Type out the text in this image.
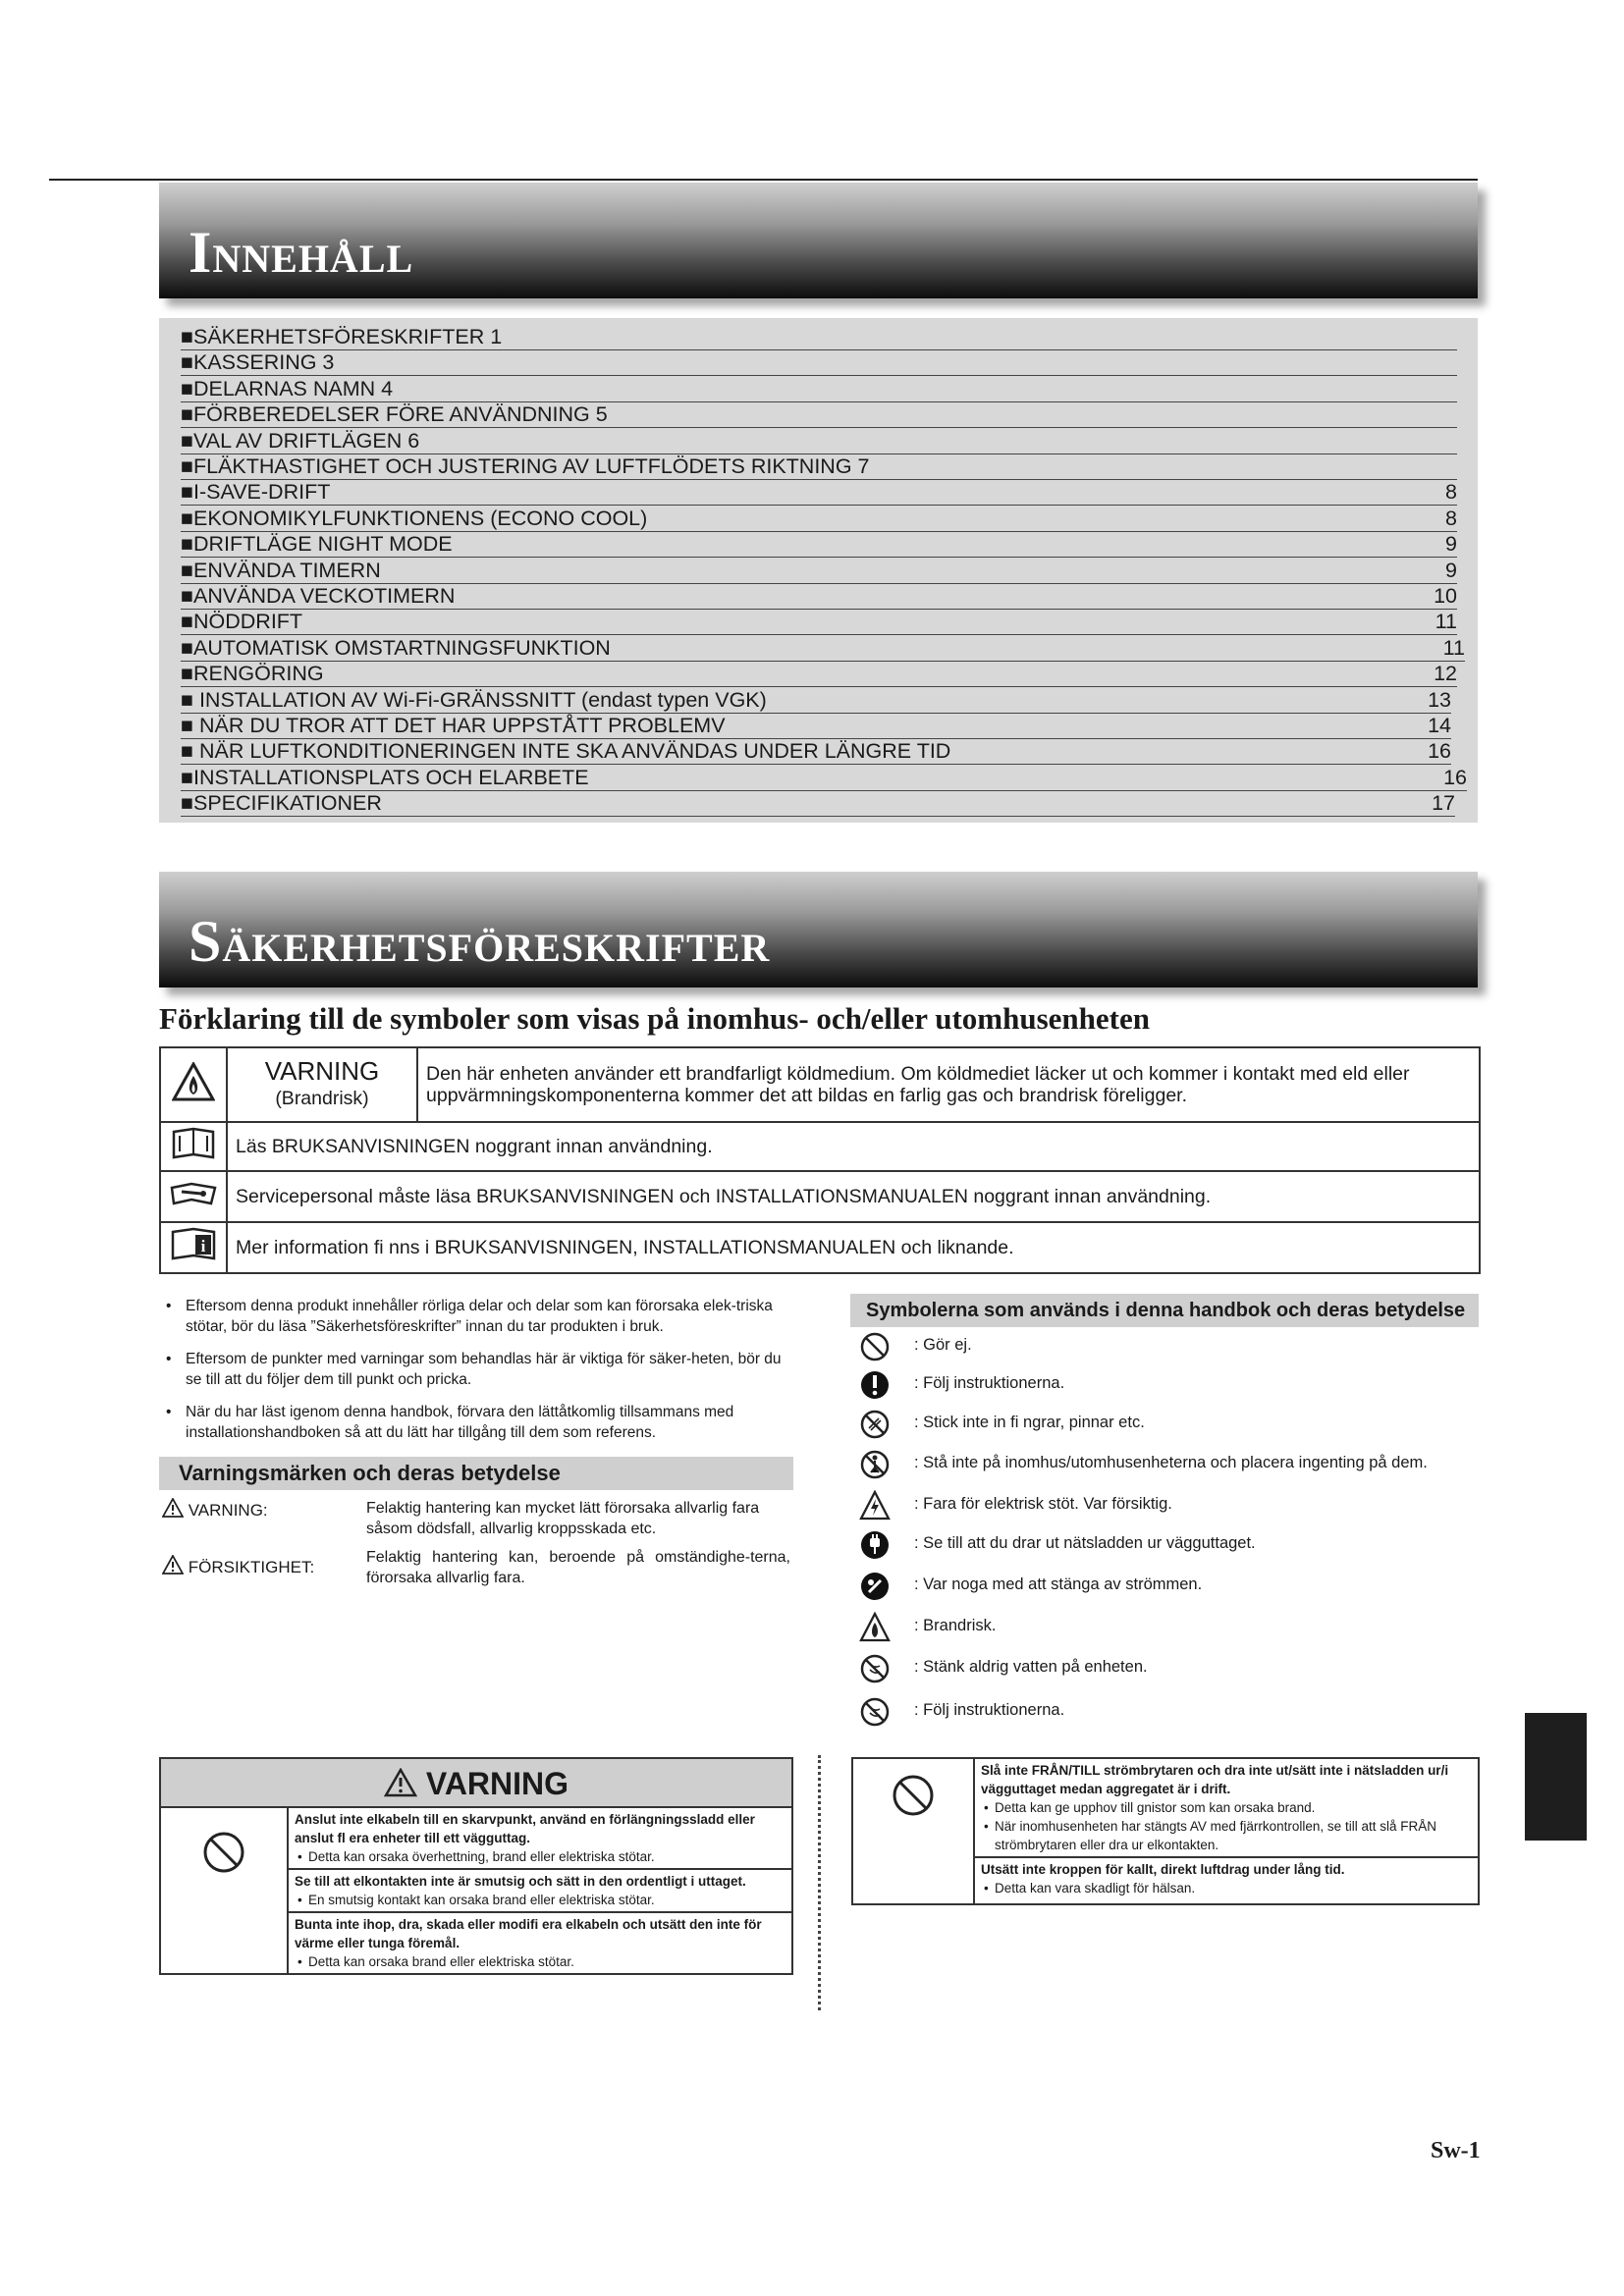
INNEHÅLL
■SÄKERHETSFÖRESKRIFTER 1
■KASSERING 3
■DELARNAS NAMN 4
■FÖRBEREDELSER FÖRE ANVÄNDNING 5
■VAL AV DRIFTLÄGEN 6
■FLÄKTHASTIGHET OCH JUSTERING AV LUFTFLÖDETS RIKTNING 7
■I-SAVE-DRIFT	8
■EKONOMIKYLFUNKTIONENS (ECONO COOL)	8
■DRIFTLÄGE NIGHT MODE	9
■ENVÄNDA TIMERN	9
■ANVÄNDA VECKOTIMERN	10
■NÖDDRIFT	11
■AUTOMATISK OMSTARTNINGSFUNKTION	11
■RENGÖRING	12
■ INSTALLATION AV Wi-Fi-GRÄNSSNITT (endast typen VGK)	13
■ NÄR DU TROR ATT DET HAR UPPSTÅTT PROBLEMV	14
■ NÄR LUFTKONDITIONERINGEN INTE SKA ANVÄNDAS UNDER LÄNGRE TID	16
■INSTALLATIONSPLATS OCH ELARBETE	16
■SPECIFIKATIONER	17
SÄKERHETSFÖRESKRIFTER
Förklaring till de symboler som visas på inomhus- och/eller utomhusenheten

VARNING
(Brandrisk)	Den här enheten använder ett brandfarligt köldmedium. Om köldmediet läcker ut och kommer i kontakt med eld eller uppvärmningskomponenterna kommer det att bildas en farlig gas och brandrisk föreligger.
	Läs BRUKSANVISNINGEN noggrant innan användning.	
	Servicepersonal måste läsa BRUKSANVISNINGEN och INSTALLATIONSMANUALEN noggrant innan användning.	

i	Mer information fi nns i BRUKSANVISNINGEN, INSTALLATIONSMANUALEN och liknande.	
• Eftersom denna produkt innehåller rörliga delar och delar som kan förorsaka elek-triska stötar, bör du läsa ”Säkerhetsföreskrifter” innan du tar produkten i bruk.
• Eftersom de punkter med varningar som behandlas här är viktiga för säker-heten, bör du se till att du följer dem till punkt och pricka.
• När du har läst igenom denna handbok, förvara den lättåtkomlig tillsammans med installationshandboken så att du lätt har tillgång till dem som referens.
Varningsmärken och deras betydelse
VARNING:	Felaktig hantering kan mycket lätt förorsaka allvarlig fara såsom dödsfall, allvarlig kroppsskada etc.
FÖRSIKTIGHET:
Felaktig hantering kan, beroende på omständighe-terna, förorsaka allvarlig fara.
Symbolerna som används i denna handbok och deras betydelse
: Gör ej.
: Följ instruktionerna.
: Stick inte in fi ngrar, pinnar etc.
: Stå inte på inomhus/utomhusenheterna och placera ingenting på dem.
: Fara för elektrisk stöt. Var försiktig.
: Se till att du drar ut nätsladden ur vägguttaget.
: Var noga med att stänga av strömmen.
: Brandrisk.
: Stänk aldrig vatten på enheten.
: Följ instruktionerna.
VARNING

Anslut inte elkabeln till en skarvpunkt, använd en förlängningssladd eller anslut fl era enheter till ett vägguttag.
• Detta kan orsaka överhettning, brand eller elektriska stötar.

Se till att elkontakten inte är smutsig och sätt in den ordentligt i uttaget.
• En smutsig kontakt kan orsaka brand eller elektriska stötar.

Bunta inte ihop, dra, skada eller modifi era elkabeln och utsätt den inte för värme eller tunga föremål.
• Detta kan orsaka brand eller elektriska stötar.

Slå inte FRÅN/TILL strömbrytaren och dra inte ut/sätt inte i nätsladden ur/i vägguttaget medan aggregatet är i drift.
• Detta kan ge upphov till gnistor som kan orsaka brand.
• När inomhusenheten har stängts AV med fjärrkontrollen, se till att slå FRÅN strömbrytaren eller dra ur elkontakten.

Utsätt inte kroppen för kallt, direkt luftdrag under lång tid.
• Detta kan vara skadligt för hälsan.
Sw-1
